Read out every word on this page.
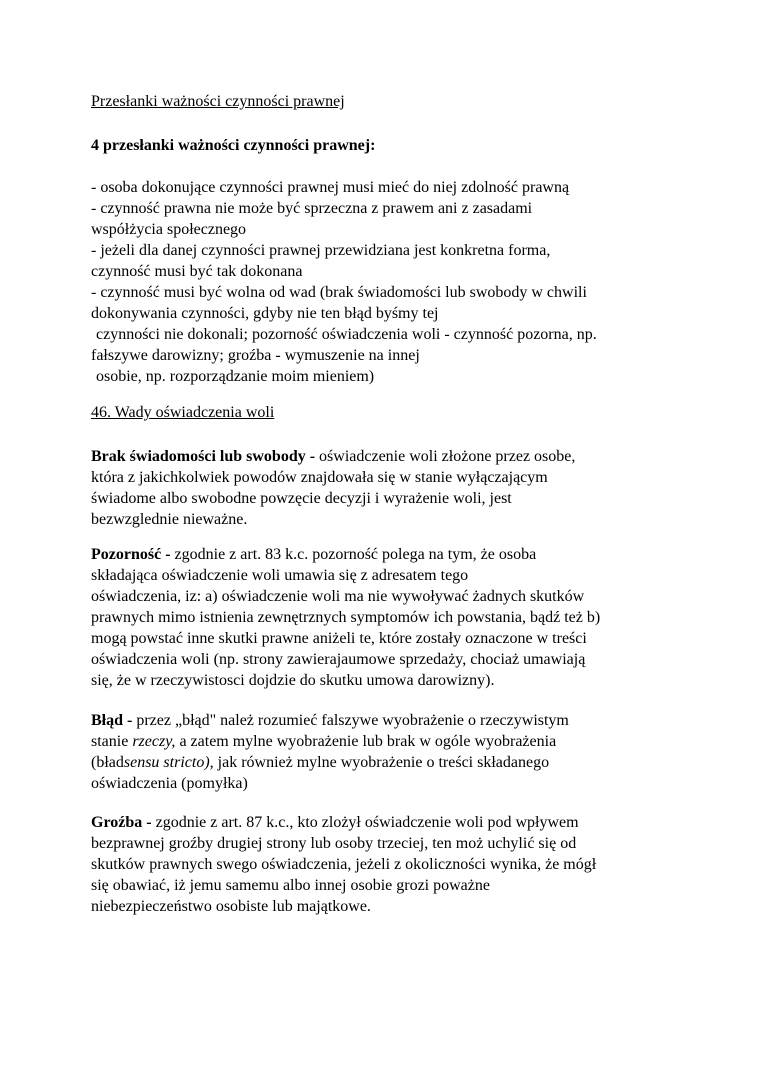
Przesłanki ważności czynności prawnej
4 przesłanki ważności czynności prawnej:
- osoba dokonujące czynności prawnej musi mieć do niej zdolność prawną
- czynność prawna nie może być sprzeczna z prawem ani z zasadami
współżycia społecznego
- jeżeli dla danej czynności prawnej przewidziana jest konkretna forma,
czynność musi być tak dokonana
- czynność musi być wolna od wad (brak świadomości lub swobody w chwili
dokonywania czynności, gdyby nie ten błąd byśmy tej
czynności nie dokonali; pozorność oświadczenia woli - czynność pozorna, np.
fałszywe darowizny; groźba - wymuszenie na innej
osobie, np. rozporządzanie moim mieniem)
46. Wady oświadczenia woli
Brak świadomości lub swobody - oświadczenie woli złożone przez osobe,
która z jakichkolwiek powodów znajdowała się w stanie wyłączającym
świadome albo swobodne powzęcie decyzji i wyrażenie woli, jest
bezwzglednie nieważne.
Pozorność - zgodnie z art. 83 k.c. pozorność polega na tym, że osoba
składająca oświadczenie woli umawia się z adresatem tego
oświadczenia, iz: a) oświadczenie woli ma nie wywoływać żadnych skutków
prawnych mimo istnienia zewnętrznych symptomów ich powstania, bądź też b)
mogą powstać inne skutki prawne aniżeli te, które zostały oznaczone w treści
oświadczenia woli (np. strony zawierajaumowe sprzedaży, chociaż umawiają
się, że w rzeczywistosci dojdzie do skutku umowa darowizny).
Błąd - przez „błąd" należ rozumieć falszywe wyobrażenie o rzeczywistym
stanie rzeczy, a zatem mylne wyobrażenie lub brak w ogóle wyobrażenia
(bładsensu stricto), jak również mylne wyobrażenie o treści składanego
oświadczenia (pomyłka)
Groźba - zgodnie z art. 87 k.c., kto zlożył oświadczenie woli pod wpływem
bezprawnej groźby drugiej strony lub osoby trzeciej, ten moż uchylić się od
skutków prawnych swego oświadczenia, jeżeli z okoliczności wynika, że mógł
się obawiać, iż jemu samemu albo innej osobie grozi poważne
niebezpieczeństwo osobiste lub majątkowe.
